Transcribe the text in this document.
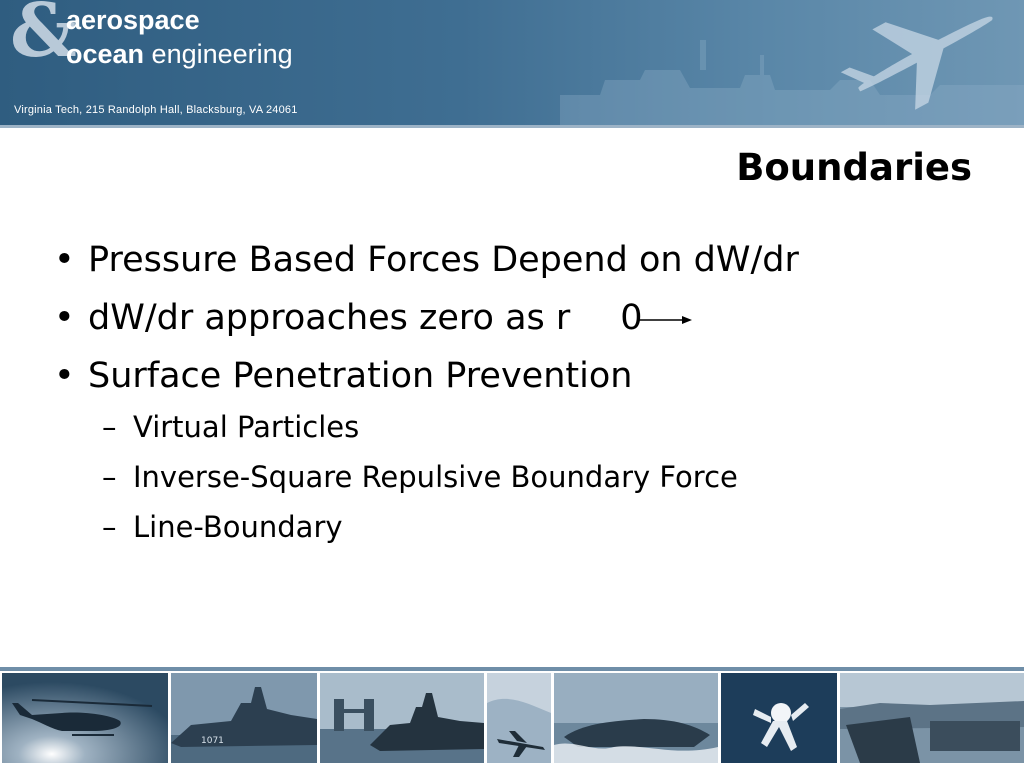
&
aerospace
ocean engineering
Virginia Tech, 215 Randolph Hall, Blacksburg, VA 24061
Boundaries
• Pressure Based Forces Depend on dW/dr
• dW/dr approaches zero as r 0
• Surface Penetration Prevention
– Virtual Particles
– Inverse-Square Repulsive Boundary Force
– Line-Boundary
1071
